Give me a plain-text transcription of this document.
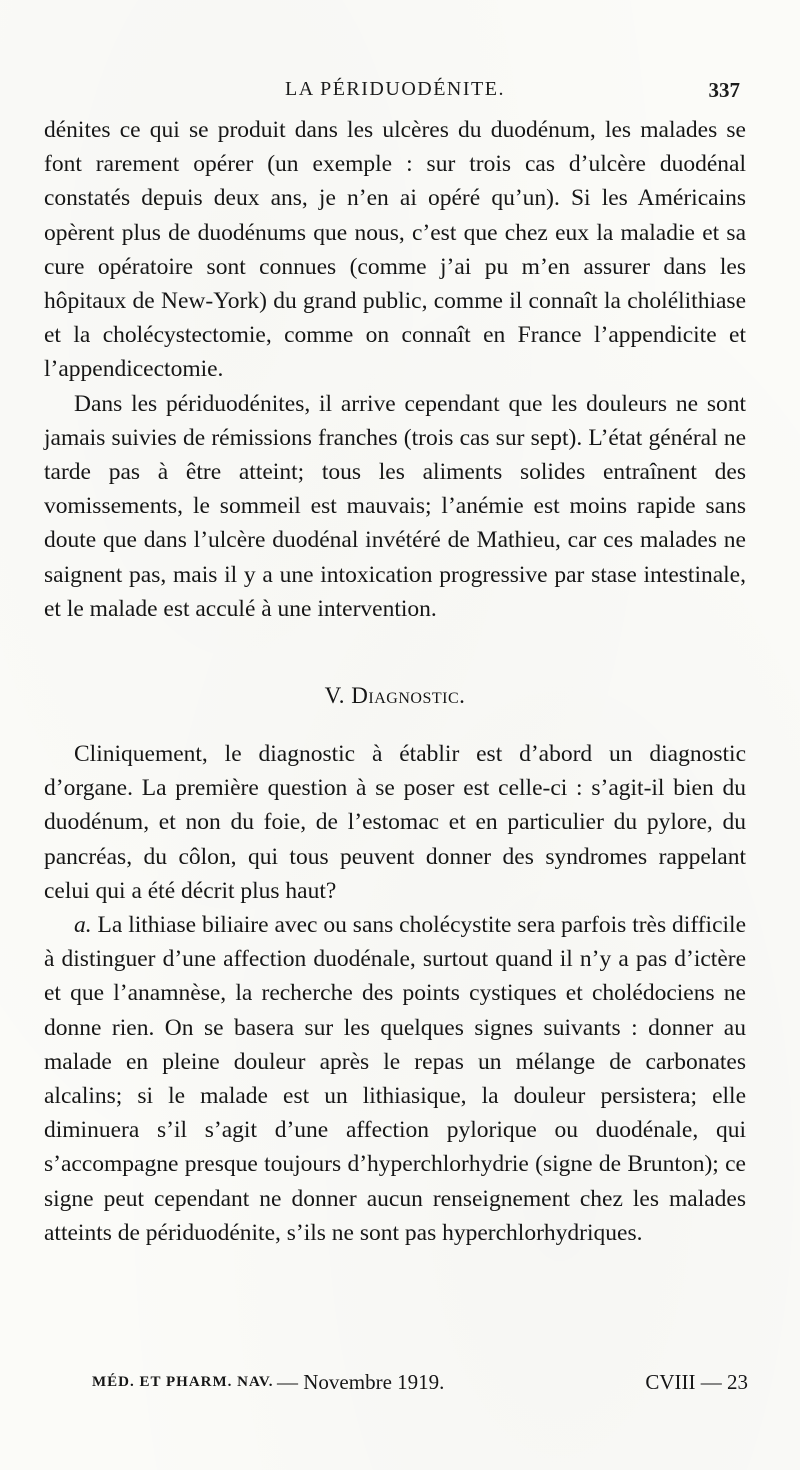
LA PÉRIDUODÉNITE.	337

dénites ce qui se produit dans les ulcères du duodénum, les malades se font rarement opérer (un exemple : sur trois cas d’ulcère duodénal constatés depuis deux ans, je n’en ai opéré qu’un). Si les Américains opèrent plus de duodénums que nous, c’est que chez eux la maladie et sa cure opératoire sont connues (comme j’ai pu m’en assurer dans les hôpitaux de New-York) du grand public, comme il connaît la cholélithiase et la cholécystectomie, comme on connaît en France l’appendicite et l’appendicectomie.

Dans les périduodénites, il arrive cependant que les douleurs ne sont jamais suivies de rémissions franches (trois cas sur sept). L’état général ne tarde pas à être atteint; tous les aliments solides entraînent des vomissements, le sommeil est mauvais; l’anémie est moins rapide sans doute que dans l’ulcère duodénal invétéré de Mathieu, car ces malades ne saignent pas, mais il y a une intoxication progressive par stase intestinale, et le malade est acculé à une intervention.

V. Diagnostic.

Cliniquement, le diagnostic à établir est d’abord un diagnostic d’organe. La première question à se poser est celle-ci : s’agit-il bien du duodénum, et non du foie, de l’estomac et en particulier du pylore, du pancréas, du côlon, qui tous peuvent donner des syndromes rappelant celui qui a été décrit plus haut?

a. La lithiase biliaire avec ou sans cholécystite sera parfois très difficile à distinguer d’une affection duodénale, surtout quand il n’y a pas d’ictère et que l’anamnèse, la recherche des points cystiques et cholédociens ne donne rien. On se basera sur les quelques signes suivants : donner au malade en pleine douleur après le repas un mélange de carbonates alcalins; si le malade est un lithiasique, la douleur persistera; elle diminuera s’il s’agit d’une affection pylorique ou duodénale, qui s’accompagne presque toujours d’hyperchlorhydrie (signe de Brunton); ce signe peut cependant ne donner aucun renseignement chez les malades atteints de périduodénite, s’ils ne sont pas hyperchlorhydriques.

MÉD. ET PHARM. NAV. — Novembre 1919.	CVIII — 23
